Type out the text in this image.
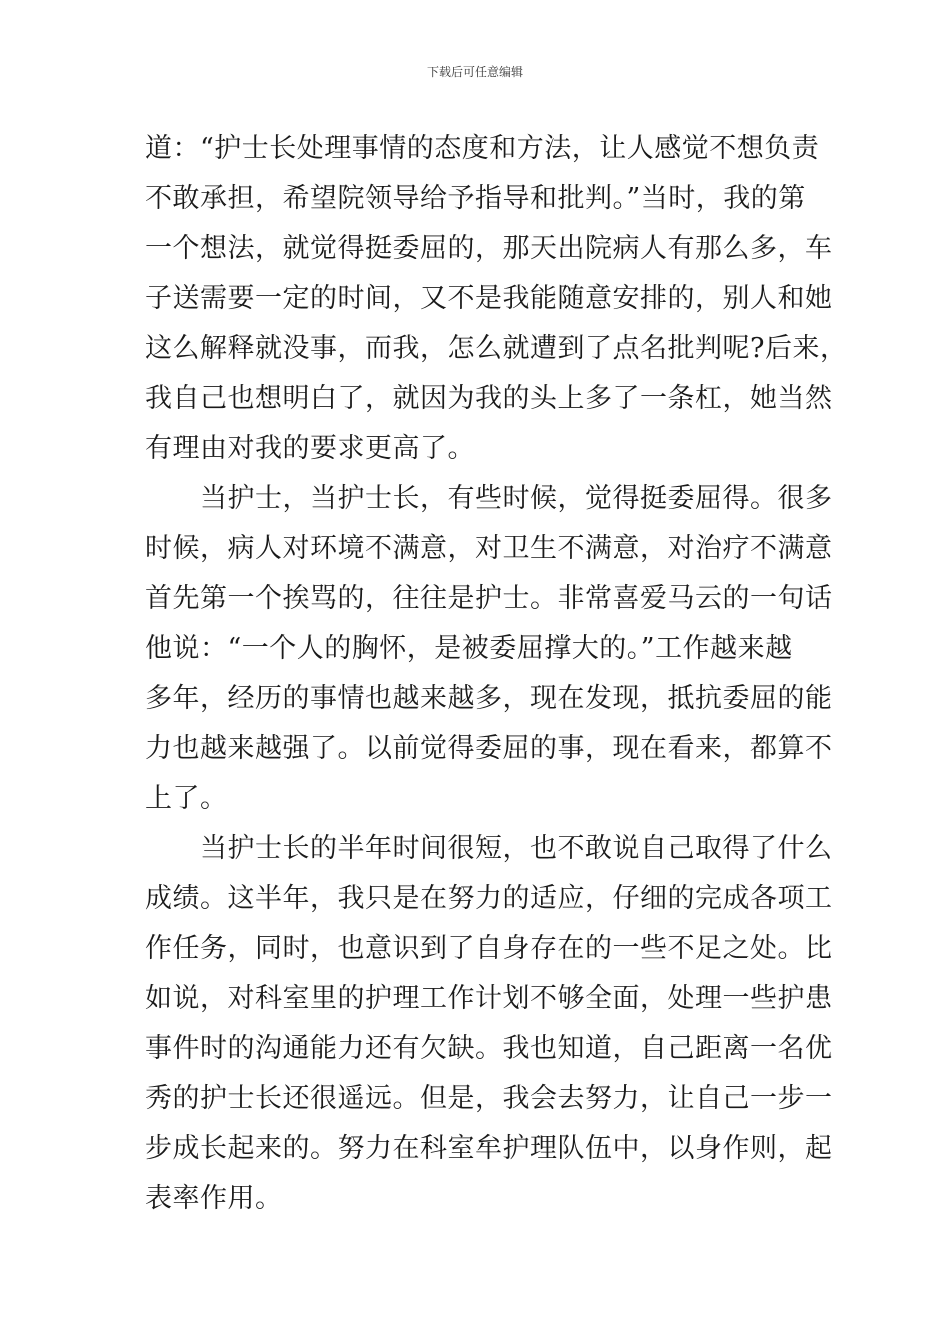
下载后可任意编辑
道：“护士长处理事情的态度和方法，让人感觉不想负责
不敢承担，希望院领导给予指导和批判。”当时，我的第
一个想法，就觉得挺委屈的，那天出院病人有那么多，车
子送需要一定的时间，又不是我能随意安排的，别人和她
这么解释就没事，而我，怎么就遭到了点名批判呢?后来，
我自己也想明白了，就因为我的头上多了一条杠，她当然
有理由对我的要求更高了。
　　当护士，当护士长，有些时候，觉得挺委屈得。很多
时候，病人对环境不满意，对卫生不满意，对治疗不满意
首先第一个挨骂的，往往是护士。非常喜爱马云的一句话
他说：“一个人的胸怀，是被委屈撑大的。”工作越来越
多年，经历的事情也越来越多，现在发现，抵抗委屈的能
力也越来越强了。以前觉得委屈的事，现在看来，都算不
上了。
　　当护士长的半年时间很短，也不敢说自己取得了什么
成绩。这半年，我只是在努力的适应，仔细的完成各项工
作任务，同时，也意识到了自身存在的一些不足之处。比
如说，对科室里的护理工作计划不够全面，处理一些护患
事件时的沟通能力还有欠缺。我也知道，自己距离一名优
秀的护士长还很遥远。但是，我会去努力，让自己一步一
步成长起来的。努力在科室牟护理队伍中，以身作则，起
表率作用。
